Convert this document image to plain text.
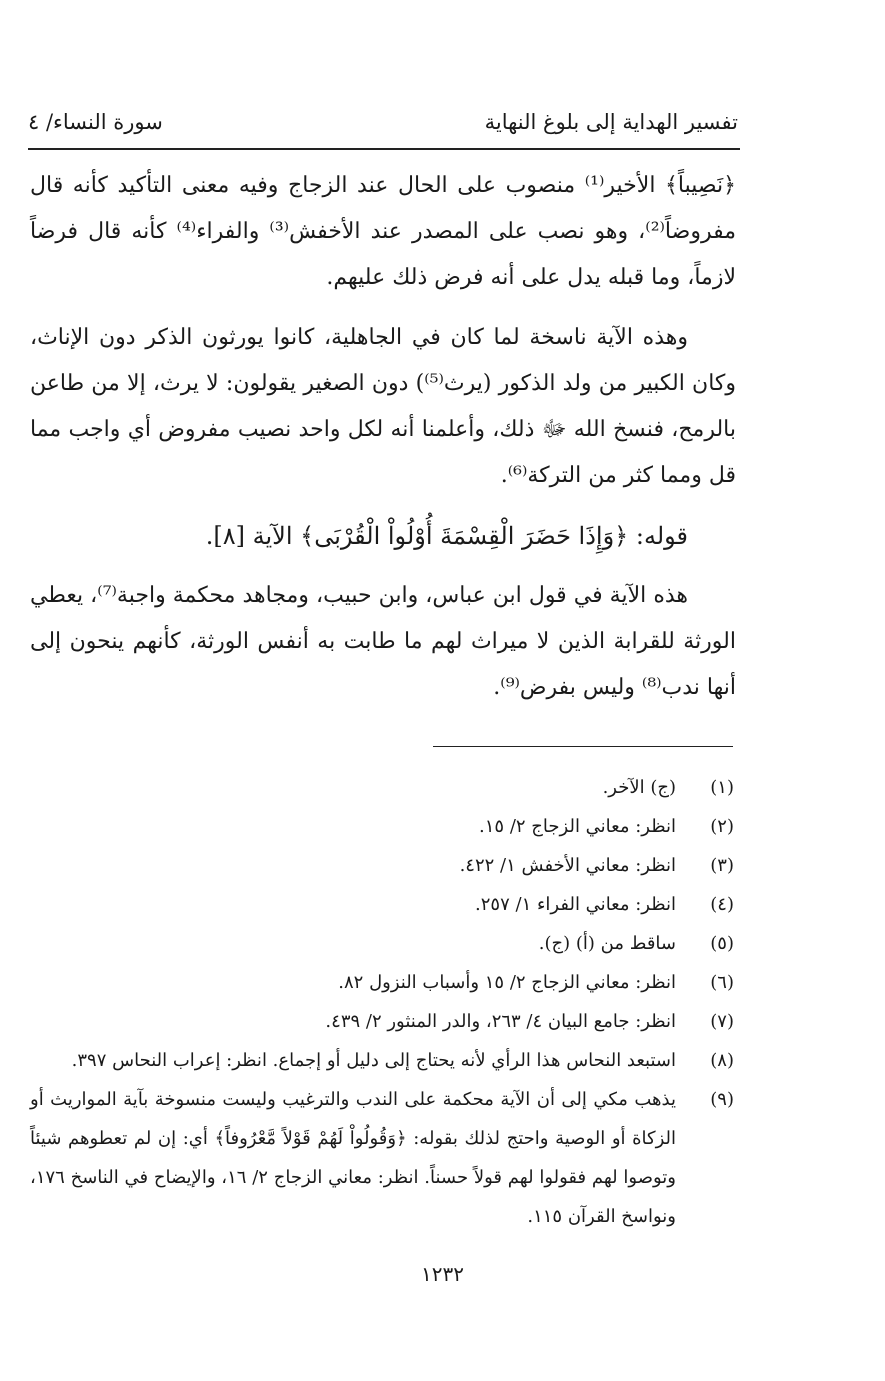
تفسير الهداية إلى بلوغ النهاية
سورة النساء/ ٤

﴿نَصِيباً﴾ الأخير⁽¹⁾ منصوب على الحال عند الزجاج وفيه معنى التأكيد كأنه قال مفروضاً⁽²⁾، وهو نصب على المصدر عند الأخفش⁽³⁾ والفراء⁽⁴⁾ كأنه قال فرضاً لازماً، وما قبله يدل على أنه فرض ذلك عليهم.

وهذه الآية ناسخة لما كان في الجاهلية، كانوا يورثون الذكر دون الإناث، وكان الكبير من ولد الذكور (يرث⁽⁵⁾) دون الصغير يقولون: لا يرث، إلا من طاعن بالرمح، فنسخ الله ﷻ ذلك، وأعلمنا أنه لكل واحد نصيب مفروض أي واجب مما قل ومما كثر من التركة⁽⁶⁾.

قوله: ﴿وَإِذَا حَضَرَ الْقِسْمَةَ أُوْلُواْ الْقُرْبَى﴾ الآية [٨].

هذه الآية في قول ابن عباس، وابن حبيب، ومجاهد محكمة واجبة⁽⁷⁾، يعطي الورثة للقرابة الذين لا ميراث لهم ما طابت به أنفس الورثة، كأنهم ينحون إلى أنها ندب⁽⁸⁾ وليس بفرض⁽⁹⁾.

(١)
(ج) الآخر.
(٢)
انظر: معاني الزجاج ٢/ ١٥.
(٣)
انظر: معاني الأخفش ١/ ٤٢٢.
(٤)
انظر: معاني الفراء ١/ ٢٥٧.
(٥)
ساقط من (أ) (ج).
(٦)
انظر: معاني الزجاج ٢/ ١٥ وأسباب النزول ٨٢.
(٧)
انظر: جامع البيان ٤/ ٢٦٣، والدر المنثور ٢/ ٤٣٩.
(٨)
استبعد النحاس هذا الرأي لأنه يحتاج إلى دليل أو إجماع. انظر: إعراب النحاس ٣٩٧.
(٩)
يذهب مكي إلى أن الآية محكمة على الندب والترغيب وليست منسوخة بآية المواريث أو الزكاة أو الوصية واحتج لذلك بقوله: ﴿وَقُولُواْ لَهُمْ قَوْلاً مَّعْرُوفاً﴾ أي: إن لم تعطوهم شيئاً وتوصوا لهم فقولوا لهم قولاً حسناً. انظر: معاني الزجاج ٢/ ١٦، والإيضاح في الناسخ ١٧٦، ونواسخ القرآن ١١٥.
١٢٣٢
